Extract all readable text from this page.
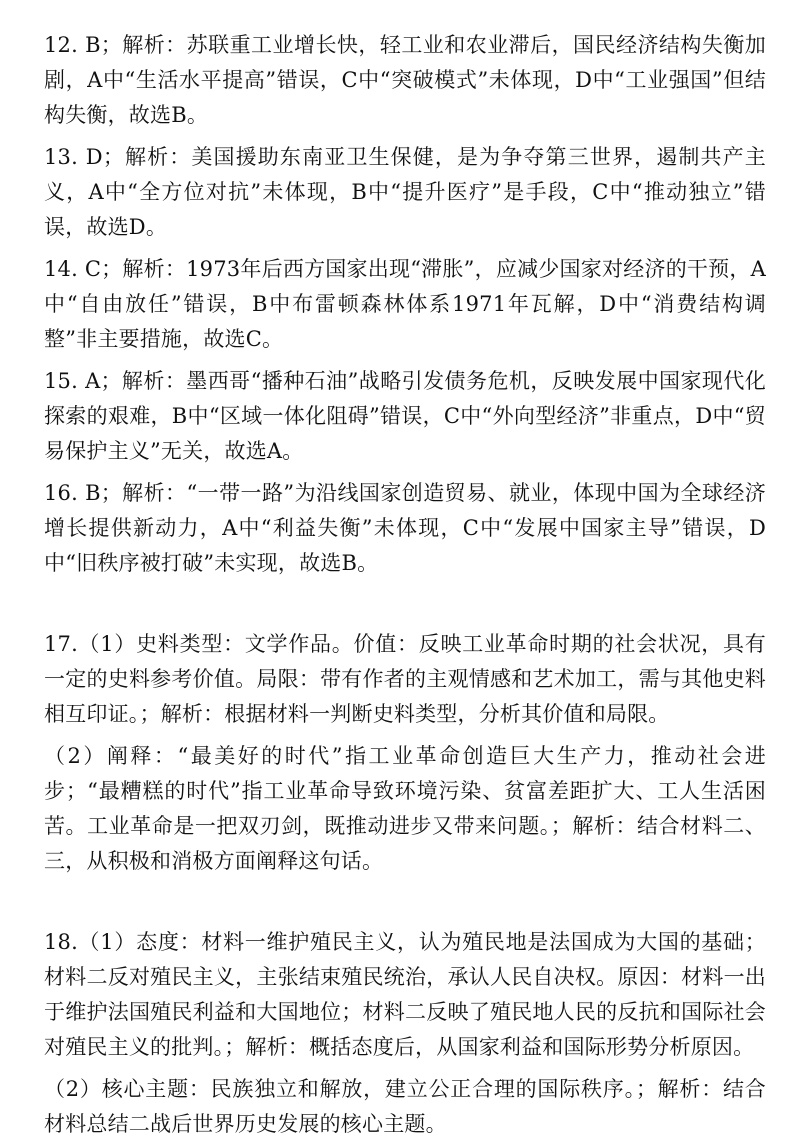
12. B；解析：苏联重工业增长快，轻工业和农业滞后，国民经济结构失衡加剧，A中“生活水平提高”错误，C中“突破模式”未体现，D中“工业强国”但结构失衡，故选B。

13. D；解析：美国援助东南亚卫生保健，是为争夺第三世界，遏制共产主义，A中“全方位对抗”未体现，B中“提升医疗”是手段，C中“推动独立”错误，故选D。

14. C；解析：1973年后西方国家出现“滞胀”，应减少国家对经济的干预，A中“自由放任”错误，B中布雷顿森林体系1971年瓦解，D中“消费结构调整”非主要措施，故选C。

15. A；解析：墨西哥“播种石油”战略引发债务危机，反映发展中国家现代化探索的艰难，B中“区域一体化阻碍”错误，C中“外向型经济”非重点，D中“贸易保护主义”无关，故选A。

16. B；解析：“一带一路”为沿线国家创造贸易、就业，体现中国为全球经济增长提供新动力，A中“利益失衡”未体现，C中“发展中国家主导”错误，D中“旧秩序被打破”未实现，故选B。

17.（1）史料类型：文学作品。价值：反映工业革命时期的社会状况，具有一定的史料参考价值。局限：带有作者的主观情感和艺术加工，需与其他史料相互印证。；解析：根据材料一判断史料类型，分析其价值和局限。

（2）阐释：“最美好的时代”指工业革命创造巨大生产力，推动社会进步；“最糟糕的时代”指工业革命导致环境污染、贫富差距扩大、工人生活困苦。工业革命是一把双刃剑，既推动进步又带来问题。；解析：结合材料二、三，从积极和消极方面阐释这句话。

18.（1）态度：材料一维护殖民主义，认为殖民地是法国成为大国的基础；材料二反对殖民主义，主张结束殖民统治，承认人民自决权。原因：材料一出于维护法国殖民利益和大国地位；材料二反映了殖民地人民的反抗和国际社会对殖民主义的批判。；解析：概括态度后，从国家利益和国际形势分析原因。

（2）核心主题：民族独立和解放，建立公正合理的国际秩序。；解析：结合材料总结二战后世界历史发展的核心主题。
